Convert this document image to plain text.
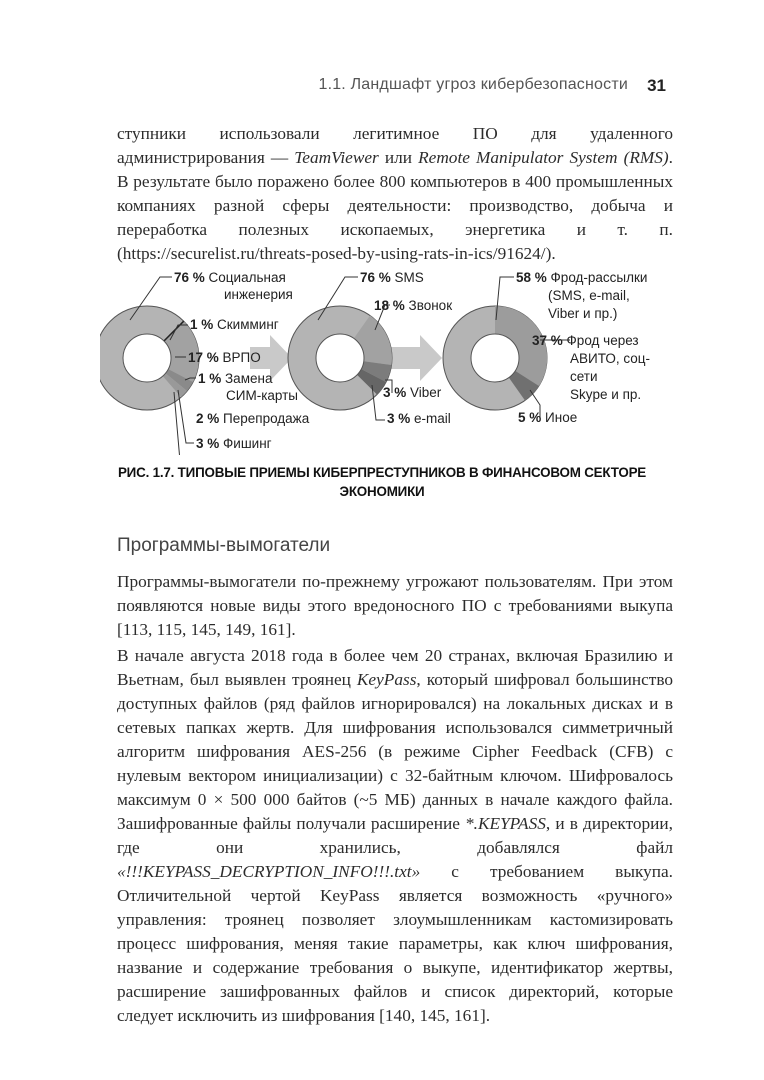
1.1. Ландшафт угроз кибербезопасности 31

ступники использовали легитимное ПО для удаленного администрирования — TeamViewer или Remote Manipulator System (RMS). В результате было поражено более 800 компьютеров в 400 промышленных компаниях разной сферы деятельности: производство, добыча и переработка полезных ископаемых, энергетика и т. п. (https://securelist.ru/threats-posed-by-using-rats-in-ics/91624/).

76 % Социальная
инженерия
1 % Скимминг
17 % ВРПО
1 % Замена
СИМ-карты
2 % Перепродажа
3 % Фишинг
76 % SMS
18 % Звонок
3 % Viber
3 % e-mail
58 % Фрод-рассылки
(SMS, e-mail,
Viber и пр.)
37 % Фрод через
АВИТО, соц-
сети
Skype и пр.
5 % Иное
РИС. 1.7. ТИПОВЫЕ ПРИЕМЫ КИБЕРПРЕСТУПНИКОВ В ФИНАНСОВОМ СЕКТОРЕ
ЭКОНОМИКИ
Программы-вымогатели

Программы-вымогатели по-прежнему угрожают пользователям. При этом появляются новые виды этого вредоносного ПО с требованиями выкупа [113, 115, 145, 149, 161].

В начале августа 2018 года в более чем 20 странах, включая Бразилию и Вьетнам, был выявлен троянец KeyPass, который шифровал большинство доступных файлов (ряд файлов игнорировался) на локальных дисках и в сетевых папках жертв. Для шифрования использовался симметричный алгоритм шифрования AES-256 (в режиме Cipher Feedback (CFB) с нулевым вектором инициализации) с 32-байтным ключом. Шифровалось максимум 0 × 500 000 байтов (~5 МБ) данных в начале каждого файла. Зашифрованные файлы получали расширение *.KEYPASS, и в директории, где они хранились, добавлялся файл «!!!KEYPASS_DECRYPTION_INFO!!!.txt» с требованием выкупа. Отличительной чертой KeyPass является возможность «ручного» управления: троянец позволяет злоумышленникам кастомизировать процесс шифрования, меняя такие параметры, как ключ шифрования, название и содержание требования о выкупе, идентификатор жертвы, расширение зашифрованных файлов и список директорий, которые следует исключить из шифрования [140, 145, 161].
